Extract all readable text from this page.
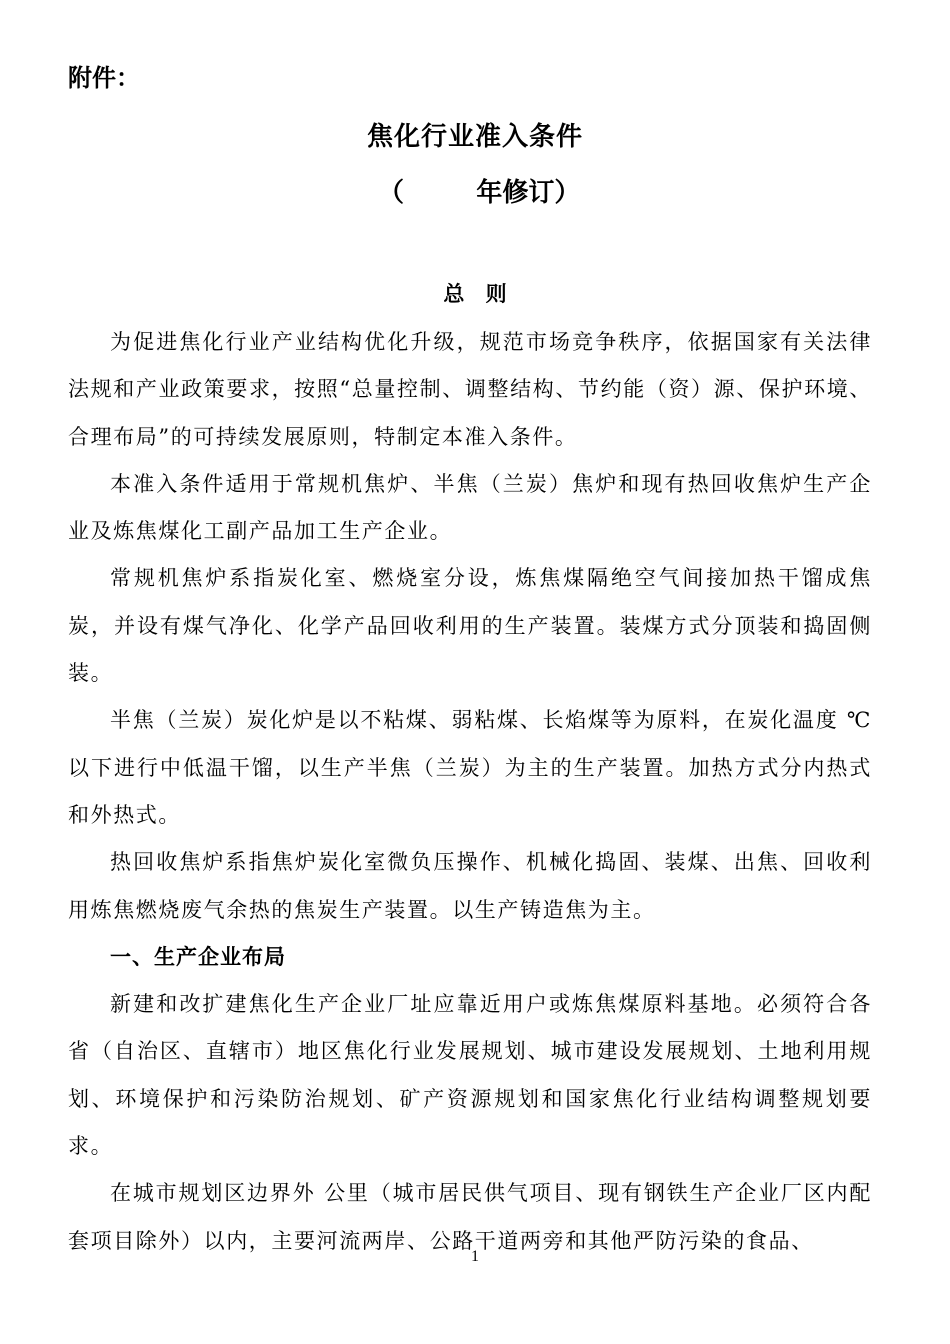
附件：
焦化行业准入条件
（        年修订）
总 则

为促进焦化行业产业结构优化升级，规范市场竞争秩序，依据国家有关法律法规和产业政策要求，按照“总量控制、调整结构、节约能（资）源、保护环境、合理布局”的可持续发展原则，特制定本准入条件。

本准入条件适用于常规机焦炉、半焦（兰炭）焦炉和现有热回收焦炉生产企业及炼焦煤化工副产品加工生产企业。

常规机焦炉系指炭化室、燃烧室分设，炼焦煤隔绝空气间接加热干馏成焦炭，并设有煤气净化、化学产品回收利用的生产装置。装煤方式分顶装和捣固侧装。

半焦（兰炭）炭化炉是以不粘煤、弱粘煤、长焰煤等为原料，在炭化温度 ℃以下进行中低温干馏，以生产半焦（兰炭）为主的生产装置。加热方式分内热式和外热式。

热回收焦炉系指焦炉炭化室微负压操作、机械化捣固、装煤、出焦、回收利用炼焦燃烧废气余热的焦炭生产装置。以生产铸造焦为主。

一、生产企业布局

新建和改扩建焦化生产企业厂址应靠近用户或炼焦煤原料基地。必须符合各省（自治区、直辖市）地区焦化行业发展规划、城市建设发展规划、土地利用规划、环境保护和污染防治规划、矿产资源规划和国家焦化行业结构调整规划要求。

在城市规划区边界外 公里（城市居民供气项目、现有钢铁生产企业厂区内配套项目除外）以内，主要河流两岸、公路干道两旁和其他严防污染的食品、

1
